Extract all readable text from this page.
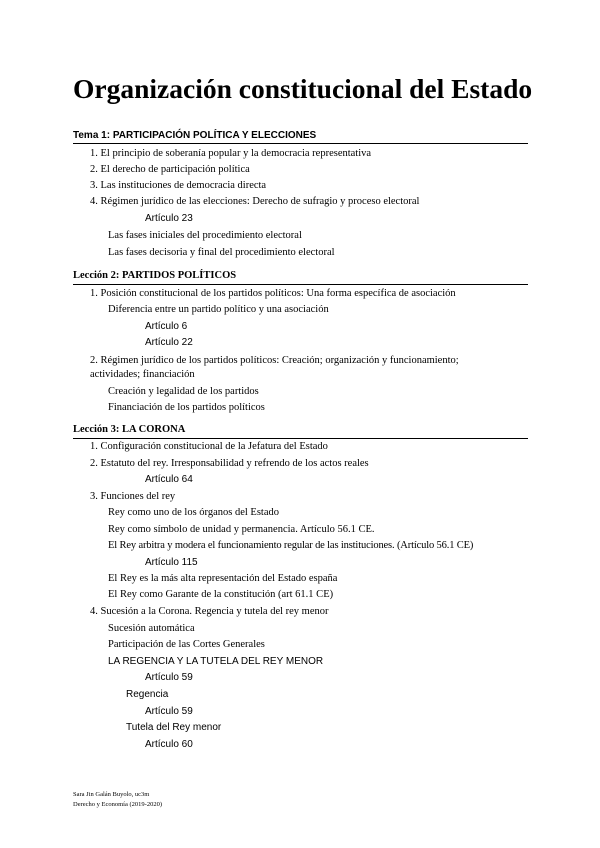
Organización constitucional del Estado
Tema 1: PARTICIPACIÓN POLÍTICA Y ELECCIONES
1. El principio de soberanía popular y la democracia representativa
2. El derecho de participación política
3. Las instituciones de democracia directa
4. Régimen jurídico de las elecciones: Derecho de sufragio y proceso electoral
Artículo 23
Las fases iniciales del procedimiento electoral
Las fases decisoria y final del procedimiento electoral
Lección 2: PARTIDOS POLÍTICOS
1. Posición constitucional de los partidos políticos: Una forma específica de asociación
Diferencia entre un partido político y una asociación
Artículo 6
Artículo 22
2. Régimen jurídico de los partidos políticos: Creación; organización y funcionamiento; actividades; financiación
Creación y legalidad de los partidos
Financiación de los partidos políticos
Lección 3: LA CORONA
1. Configuración constitucional de la Jefatura del Estado
2. Estatuto del rey. Irresponsabilidad y refrendo de los actos reales
Artículo 64
3. Funciones del rey
Rey como uno de los órganos del Estado
Rey como símbolo de unidad y permanencia. Artículo 56.1 CE.
El Rey arbitra y modera el funcionamiento regular de las instituciones. (Artículo 56.1 CE)
Artículo 115
El Rey es la más alta representación del Estado españa
El Rey como Garante de la constitución (art 61.1 CE)
4. Sucesión a la Corona. Regencia y tutela del rey menor
Sucesión automática
Participación de las Cortes Generales
LA REGENCIA Y LA TUTELA DEL REY MENOR
Artículo 59
Regencia
Artículo 59
Tutela del Rey menor
Artículo 60
Sara Jin Galán Buyolo, uc3m
Derecho y Economía (2019-2020)
